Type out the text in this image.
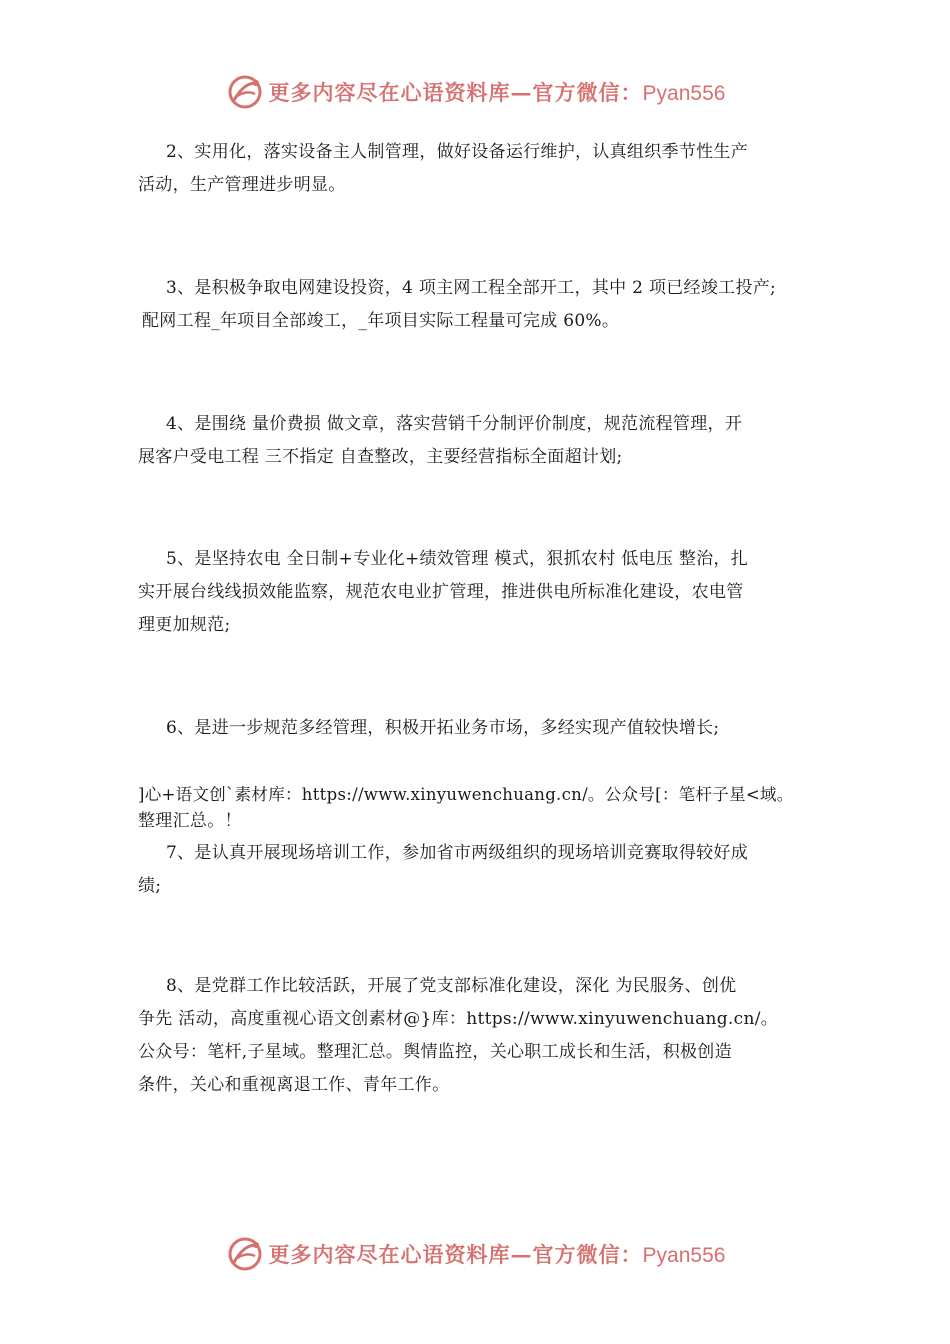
更多内容尽在心语资料库—官方微信：Pyan556

2、实用化，落实设备主人制管理，做好设备运行维护，认真组织季节性生产
活动，生产管理进步明显。

3、是积极争取电网建设投资，4 项主网工程全部开工，其中 2 项已经竣工投产;
配网工程_年项目全部竣工，_年项目实际工程量可完成 60%。

4、是围绕 量价费损 做文章，落实营销千分制评价制度，规范流程管理，开
展客户受电工程 三不指定 自查整改，主要经营指标全面超计划;

5、是坚持农电 全日制+专业化+绩效管理 模式，狠抓农村 低电压 整治，扎
实开展台线线损效能监察，规范农电业扩管理，推进供电所标准化建设，农电管
理更加规范;

6、是进一步规范多经管理，积极开拓业务市场，多经实现产值较快增长;

]心+语文创`素材库：https://www.xinyuwenchuang.cn/。公众号[：笔杆子星<域。
整理汇总。！

7、是认真开展现场培训工作，参加省市两级组织的现场培训竞赛取得较好成
绩;

8、是党群工作比较活跃，开展了党支部标准化建设，深化 为民服务、创优
争先 活动，高度重视心语文创素材@}库：https://www.xinyuwenchuang.cn/。
公众号：笔杆,子星域。整理汇总。舆情监控，关心职工成长和生活，积极创造
条件，关心和重视离退工作、青年工作。

更多内容尽在心语资料库—官方微信：Pyan556
